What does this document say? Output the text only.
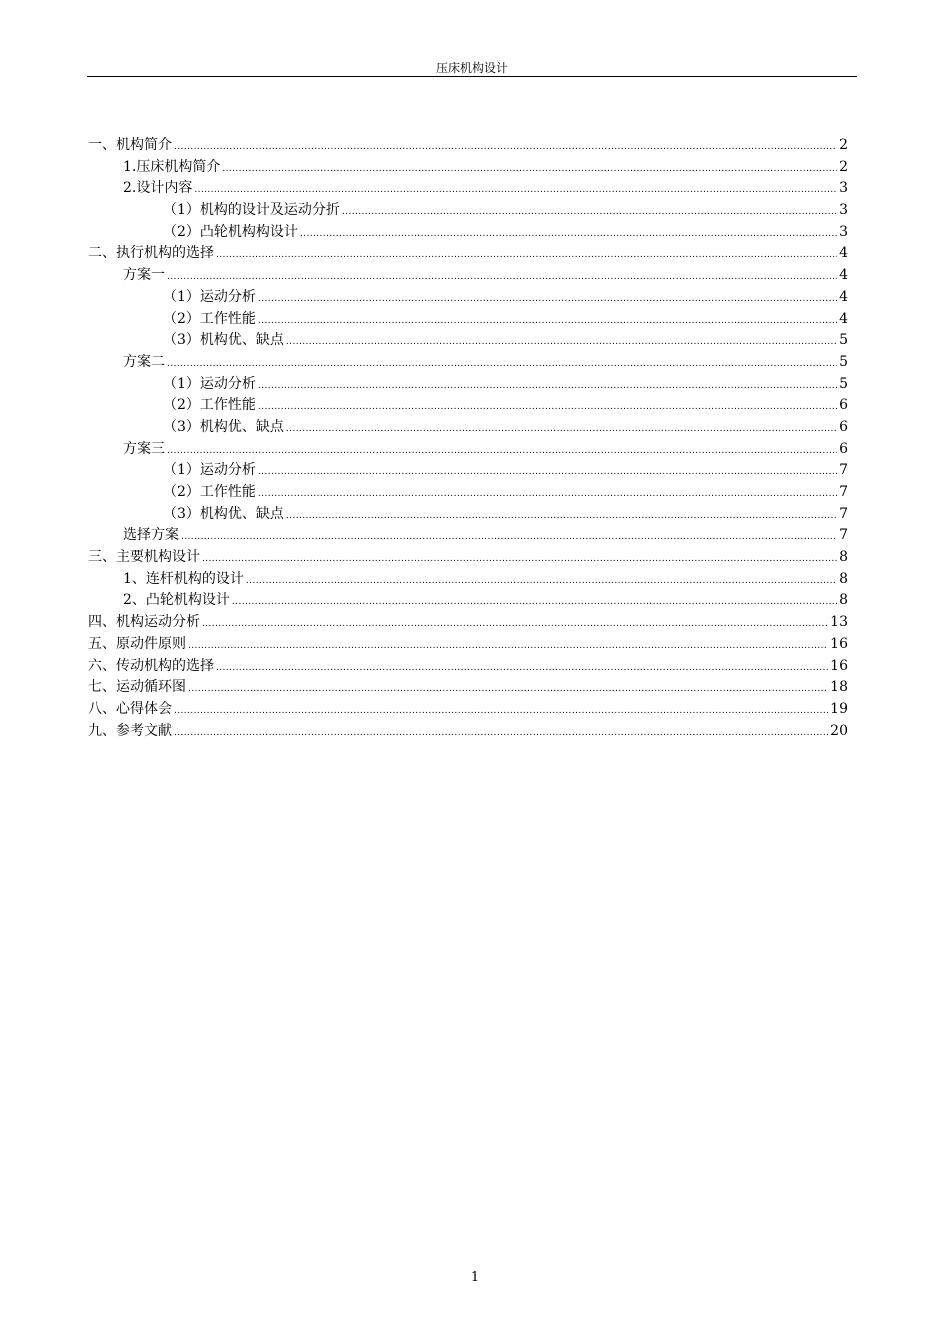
压床机构设计
一、机构简介 .....	2
1.压床机构简介 .....	2
2.设计内容 .....	3
（1）机构的设计及运动分折 .....	3
（2）凸轮机构构设计 .....	3
二、执行机构的选择 .....	4
方案一 .....	4
（1）运动分析 .....	4
（2）工作性能 .....	4
（3）机构优、缺点 .....	5
方案二 .....	5
（1）运动分析 .....	5
（2）工作性能 .....	6
（3）机构优、缺点 .....	6
方案三 .....	6
（1）运动分析 .....	7
（2）工作性能 .....	7
（3）机构优、缺点 .....	7
选择方案 .....	7
三、主要机构设计 .....	8
1、连杆机构的设计 .....	8
2、凸轮机构设计 .....	8
四、机构运动分析 .....	13
五、原动件原则 .....	16
六、传动机构的选择 .....	16
七、运动循环图 .....	18
八、心得体会 .....	19
九、参考文献 .....	20
1
